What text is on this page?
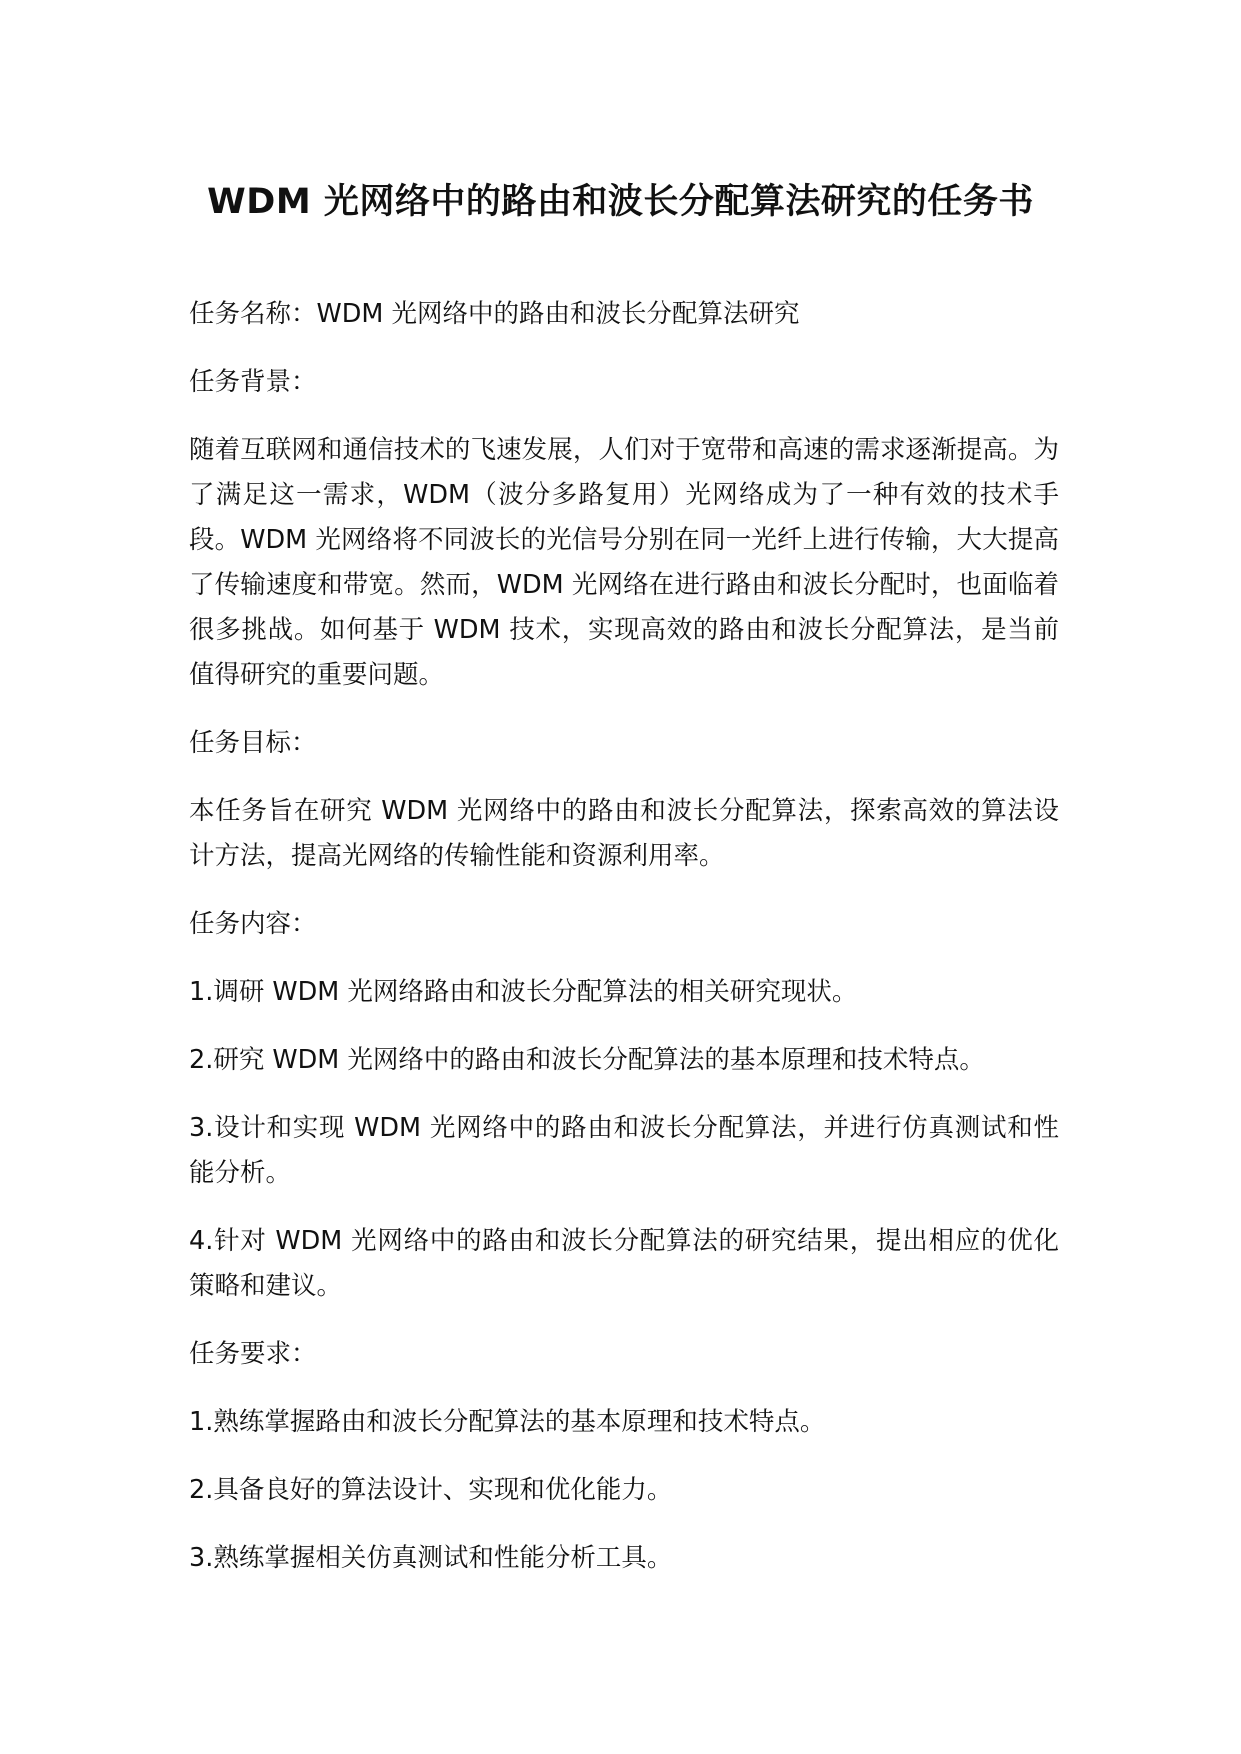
WDM 光网络中的路由和波长分配算法研究的任务书

任务名称：WDM 光网络中的路由和波长分配算法研究

任务背景：

随着互联网和通信技术的飞速发展，人们对于宽带和高速的需求逐渐提高。为了满足这一需求，WDM（波分多路复用）光网络成为了一种有效的技术手段。WDM 光网络将不同波长的光信号分别在同一光纤上进行传输，大大提高了传输速度和带宽。然而，WDM 光网络在进行路由和波长分配时，也面临着很多挑战。如何基于 WDM 技术，实现高效的路由和波长分配算法，是当前值得研究的重要问题。

任务目标：

本任务旨在研究 WDM 光网络中的路由和波长分配算法，探索高效的算法设计方法，提高光网络的传输性能和资源利用率。

任务内容：

1.调研 WDM 光网络路由和波长分配算法的相关研究现状。

2.研究 WDM 光网络中的路由和波长分配算法的基本原理和技术特点。

3.设计和实现 WDM 光网络中的路由和波长分配算法，并进行仿真测试和性能分析。

4.针对 WDM 光网络中的路由和波长分配算法的研究结果，提出相应的优化策略和建议。

任务要求：

1.熟练掌握路由和波长分配算法的基本原理和技术特点。

2.具备良好的算法设计、实现和优化能力。

3.熟练掌握相关仿真测试和性能分析工具。
